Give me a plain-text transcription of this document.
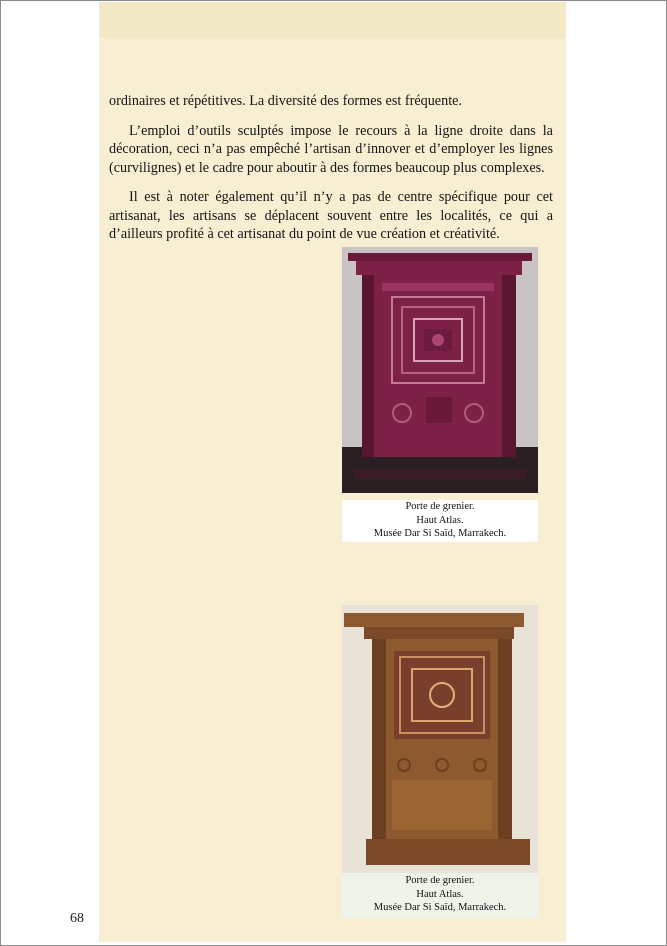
ordinaires et répétitives. La diversité des formes est fréquente.

L’emploi d’outils sculptés impose le recours à la ligne droite dans la décoration, ceci n’a pas empêché l’artisan d’innover et d’employer les lignes (curvilignes) et le cadre pour aboutir à des formes beaucoup plus complexes.

Il est à noter également qu’il n’y a pas de centre spécifique pour cet artisanat, les artisans se déplacent souvent entre les localités, ce qui a d’ailleurs profité à cet artisanat du point de vue création et créativité.

Porte de grenier.
Haut Atlas.
Musée Dar Si Saïd, Marrakech.
Porte de grenier.
Haut Atlas.
Musée Dar Si Saïd, Marrakech.
68
